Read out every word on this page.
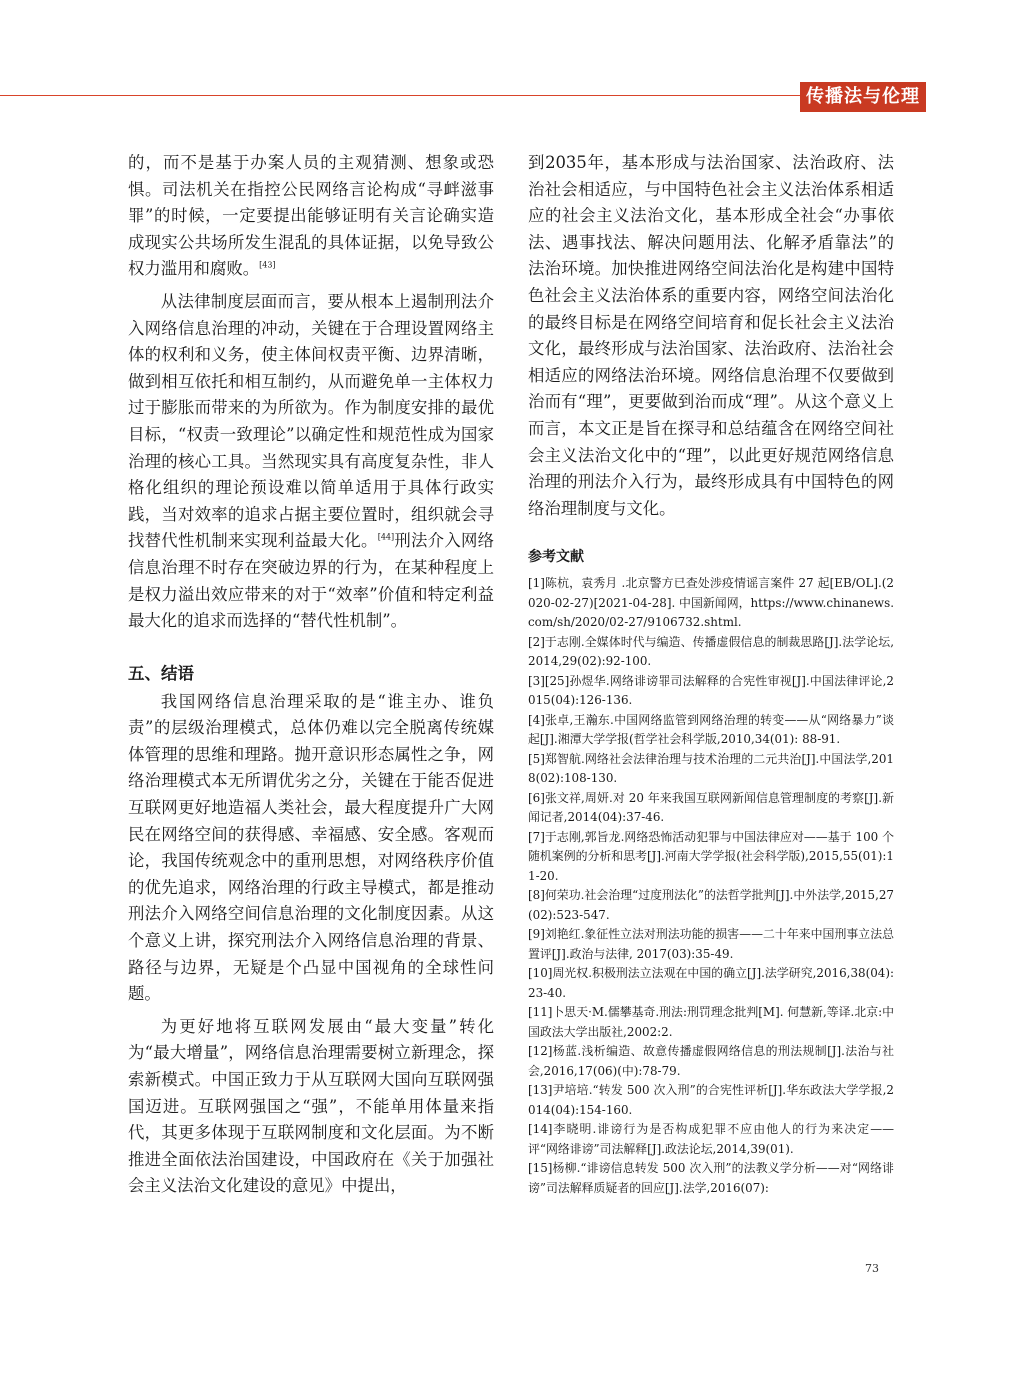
传播法与伦理

的，而不是基于办案人员的主观猜测、想象或恐惧。司法机关在指控公民网络言论构成“寻衅滋事罪”的时候，一定要提出能够证明有关言论确实造成现实公共场所发生混乱的具体证据，以免导致公权力滥用和腐败。[43]

从法律制度层面而言，要从根本上遏制刑法介入网络信息治理的冲动，关键在于合理设置网络主体的权利和义务，使主体间权责平衡、边界清晰，做到相互依托和相互制约，从而避免单一主体权力过于膨胀而带来的为所欲为。作为制度安排的最优目标，“权责一致理论”以确定性和规范性成为国家治理的核心工具。当然现实具有高度复杂性，非人格化组织的理论预设难以简单适用于具体行政实践，当对效率的追求占据主要位置时，组织就会寻找替代性机制来实现利益最大化。[44]刑法介入网络信息治理不时存在突破边界的行为，在某种程度上是权力溢出效应带来的对于“效率”价值和特定利益最大化的追求而选择的“替代性机制”。

五、结语

我国网络信息治理采取的是“谁主办、谁负责”的层级治理模式，总体仍难以完全脱离传统媒体管理的思维和理路。抛开意识形态属性之争，网络治理模式本无所谓优劣之分，关键在于能否促进互联网更好地造福人类社会，最大程度提升广大网民在网络空间的获得感、幸福感、安全感。客观而论，我国传统观念中的重刑思想，对网络秩序价值的优先追求，网络治理的行政主导模式，都是推动刑法介入网络空间信息治理的文化制度因素。从这个意义上讲，探究刑法介入网络信息治理的背景、路径与边界，无疑是个凸显中国视角的全球性问题。

为更好地将互联网发展由“最大变量”转化为“最大增量”，网络信息治理需要树立新理念，探索新模式。中国正致力于从互联网大国向互联网强国迈进。互联网强国之“强”，不能单用体量来指代，其更多体现于互联网制度和文化层面。为不断推进全面依法治国建设，中国政府在《关于加强社会主义法治文化建设的意见》中提出，

到2035年，基本形成与法治国家、法治政府、法治社会相适应，与中国特色社会主义法治体系相适应的社会主义法治文化，基本形成全社会“办事依法、遇事找法、解决问题用法、化解矛盾靠法”的法治环境。加快推进网络空间法治化是构建中国特色社会主义法治体系的重要内容，网络空间法治化的最终目标是在网络空间培育和促长社会主义法治文化，最终形成与法治国家、法治政府、法治社会相适应的网络法治环境。网络信息治理不仅要做到治而有“理”，更要做到治而成“理”。从这个意义上而言，本文正是旨在探寻和总结蕴含在网络空间社会主义法治文化中的“理”，以此更好规范网络信息治理的刑法介入行为，最终形成具有中国特色的网络治理制度与文化。

参考文献
[1]陈杭，袁秀月 .北京警方已查处涉疫情谣言案件 27 起[EB/OL].(2020-02-27)[2021-04-28]. 中国新闻网，https://www.chinanews.com/sh/2020/02-27/9106732.shtml.
[2]于志刚.全媒体时代与编造、传播虚假信息的制裁思路[J].法学论坛,2014,29(02):92-100.
[3][25]孙煜华.网络诽谤罪司法解释的合宪性审视[J].中国法律评论,2015(04):126-136.
[4]张卓,王瀚东.中国网络监管到网络治理的转变——从“网络暴力”谈起[J].湘潭大学学报(哲学社会科学版,2010,34(01): 88-91.
[5]郑智航.网络社会法律治理与技术治理的二元共治[J].中国法学,2018(02):108-130.
[6]张文祥,周妍.对 20 年来我国互联网新闻信息管理制度的考察[J].新闻记者,2014(04):37-46.
[7]于志刚,郭旨龙.网络恐怖活动犯罪与中国法律应对——基于 100 个随机案例的分析和思考[J].河南大学学报(社会科学版),2015,55(01):11-20.
[8]何荣功.社会治理“过度刑法化”的法哲学批判[J].中外法学,2015,27(02):523-547.
[9]刘艳红.象征性立法对刑法功能的损害——二十年来中国刑事立法总置评[J].政治与法律, 2017(03):35-49.
[10]周光权.积极刑法立法观在中国的确立[J].法学研究,2016,38(04):23-40.
[11]卜思天·M.儒攀基奇.刑法:刑罚理念批判[M]. 何慧新,等译.北京:中国政法大学出版社,2002:2.
[12]杨蓝.浅析编造、故意传播虚假网络信息的刑法规制[J].法治与社会,2016,17(06)(中):78-79.
[13]尹培培.“转发 500 次入刑”的合宪性评析[J].华东政法大学学报,2014(04):154-160.
[14]李晓明.诽谤行为是否构成犯罪不应由他人的行为来决定——评“网络诽谤”司法解释[J].政法论坛,2014,39(01).
[15]杨柳.“诽谤信息转发 500 次入刑”的法教义学分析——对“网络诽谤”司法解释质疑者的回应[J].法学,2016(07):
73
